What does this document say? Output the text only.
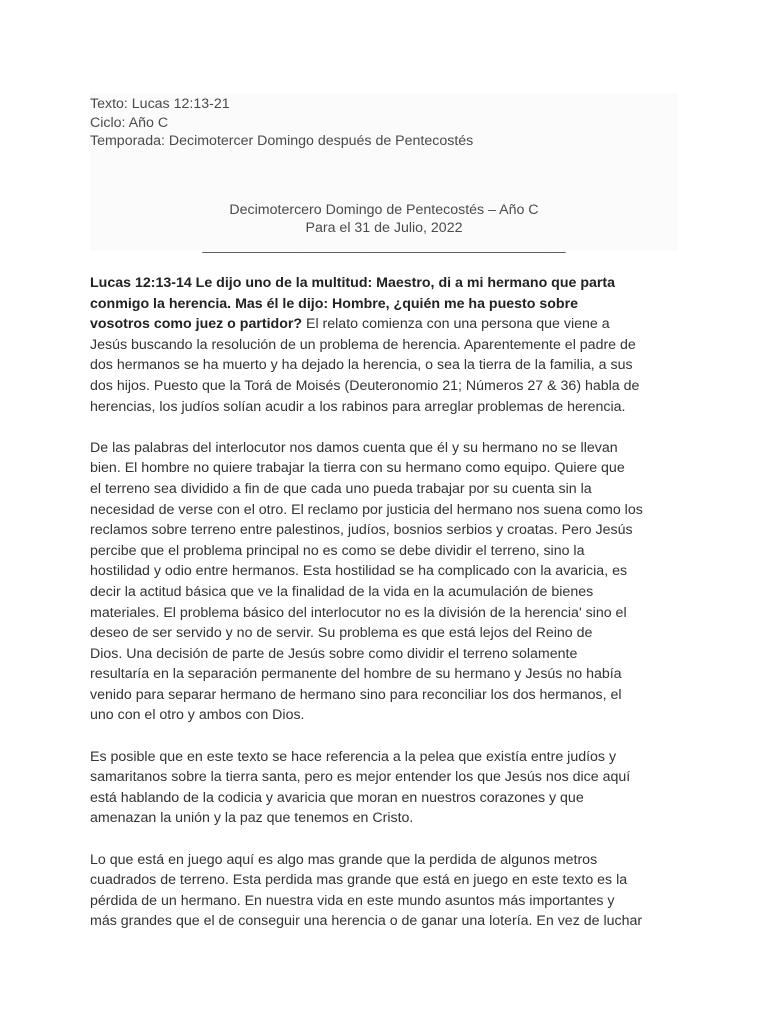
Texto: Lucas 12:13-21
Ciclo: Año C
Temporada: Decimotercer Domingo después de Pentecostés
Decimotercero Domingo de Pentecostés – Año C
Para el 31 de Julio, 2022
______________________________________________
Lucas 12:13-14 Le dijo uno de la multitud: Maestro, di a mi hermano que parta
conmigo la herencia. Mas él le dijo: Hombre, ¿quién me ha puesto sobre
vosotros como juez o partidor? El relato comienza con una persona que viene a
Jesús buscando la resolución de un problema de herencia. Aparentemente el padre de
dos hermanos se ha muerto y ha dejado la herencia, o sea la tierra de la familia, a sus
dos hijos. Puesto que la Torá de Moisés (Deuteronomio 21; Números 27 & 36) habla de
herencias, los judíos solían acudir a los rabinos para arreglar problemas de herencia.
De las palabras del interlocutor nos damos cuenta que él y su hermano no se llevan
bien. El hombre no quiere trabajar la tierra con su hermano como equipo. Quiere que
el terreno sea dividido a fin de que cada uno pueda trabajar por su cuenta sin la
necesidad de verse con el otro. El reclamo por justicia del hermano nos suena como los
reclamos sobre terreno entre palestinos, judíos, bosnios serbios y croatas. Pero Jesús
percibe que el problema principal no es como se debe dividir el terreno, sino la
hostilidad y odio entre hermanos. Esta hostilidad se ha complicado con la avaricia, es
decir la actitud básica que ve la finalidad de la vida en la acumulación de bienes
materiales. El problema básico del interlocutor no es la división de la herencia' sino el
deseo de ser servido y no de servir. Su problema es que está lejos del Reino de
Dios. Una decisión de parte de Jesús sobre como dividir el terreno solamente
resultaría en la separación permanente del hombre de su hermano y Jesús no había
venido para separar hermano de hermano sino para reconciliar los dos hermanos, el
uno con el otro y ambos con Dios.
Es posible que en este texto se hace referencia a la pelea que existía entre judíos y
samaritanos sobre la tierra santa, pero es mejor entender los que Jesús nos dice aquí
está hablando de la codicia y avaricia que moran en nuestros corazones y que
amenazan la unión y la paz que tenemos en Cristo.
Lo que está en juego aquí es algo mas grande que la perdida de algunos metros
cuadrados de terreno. Esta perdida mas grande que está en juego en este texto es la
pérdida de un hermano. En nuestra vida en este mundo asuntos más importantes y
más grandes que el de conseguir una herencia o de ganar una lotería. En vez de luchar
